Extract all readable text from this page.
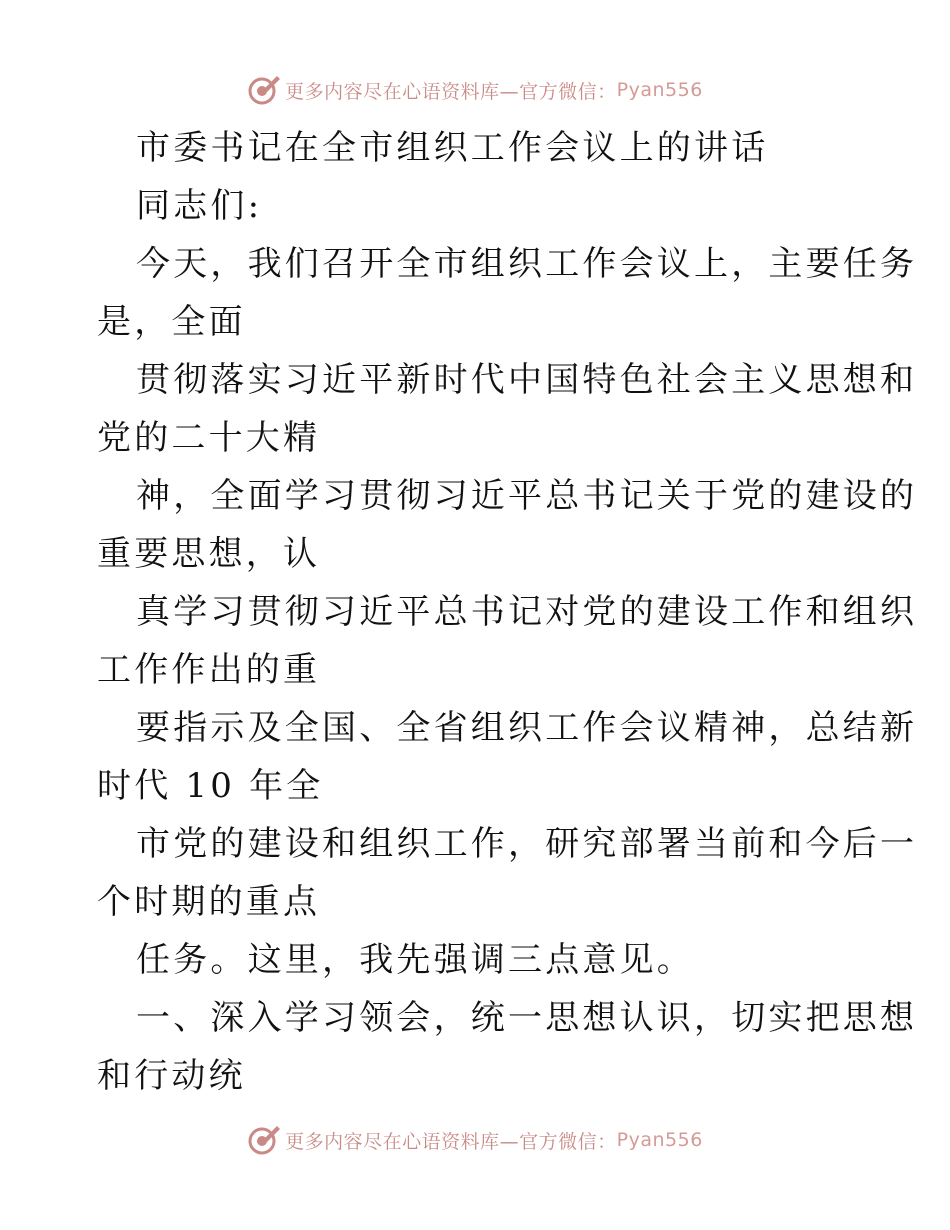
更多内容尽在心语资料库—官方微信： Pyan556
市委书记在全市组织工作会议上的讲话
同志们:
今天，我们召开全市组织工作会议上，主要任务
是，全面
贯彻落实习近平新时代中国特色社会主义思想和
党的二十大精
神，全面学习贯彻习近平总书记关于党的建设的
重要思想，认
真学习贯彻习近平总书记对党的建设工作和组织
工作作出的重
要指示及全国、全省组织工作会议精神，总结新
时代 10 年全
市党的建设和组织工作，研究部署当前和今后一
个时期的重点
任务。这里，我先强调三点意见。
一、深入学习领会，统一思想认识，切实把思想
和行动统
更多内容尽在心语资料库—官方微信： Pyan556
